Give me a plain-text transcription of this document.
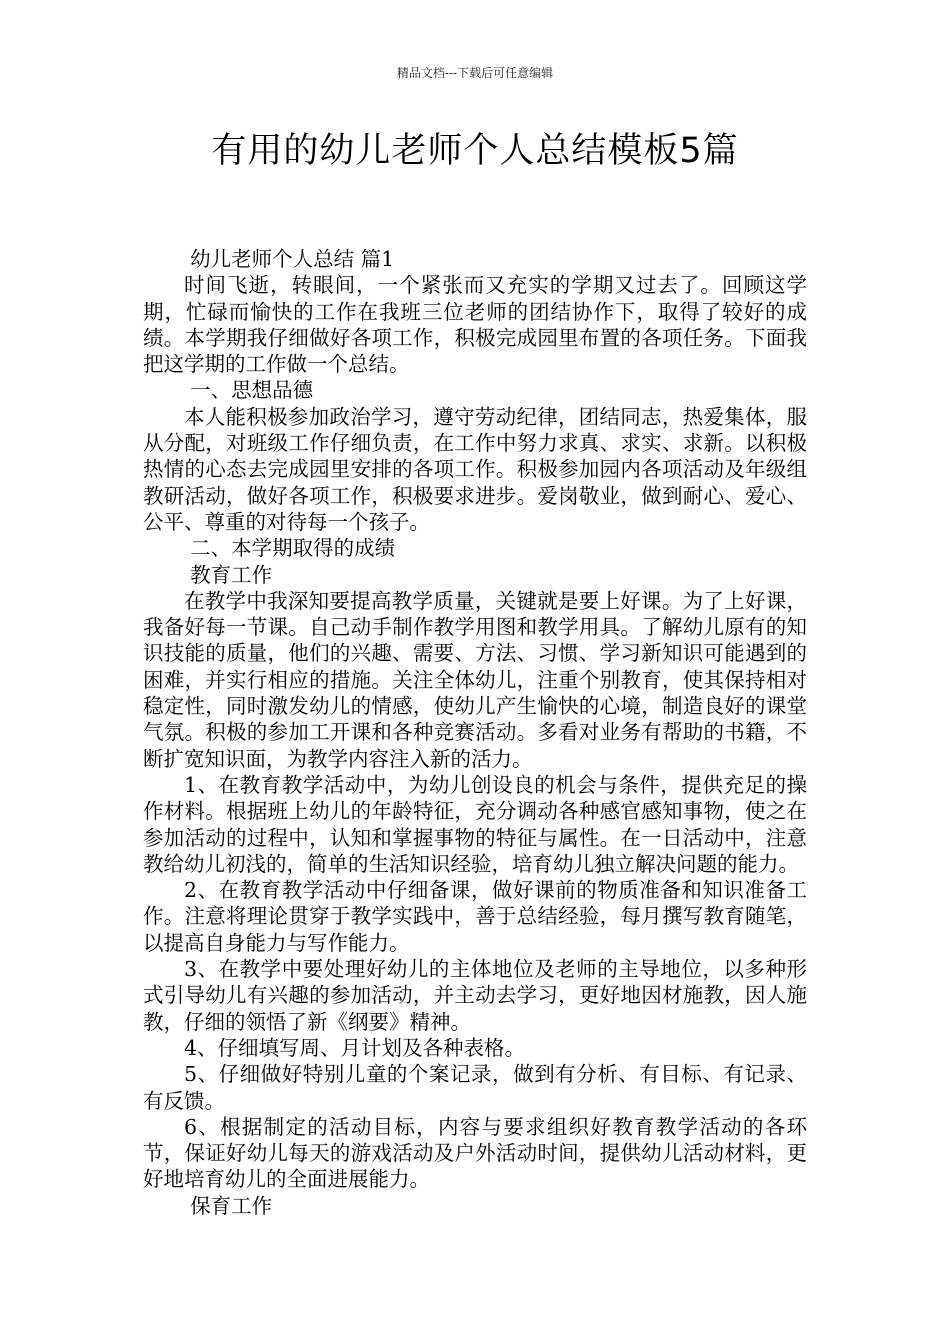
精品文档---下载后可任意编辑
有用的幼儿老师个人总结模板5篇

幼儿老师个人总结 篇1

时间飞逝，转眼间，一个紧张而又充实的学期又过去了。回顾这学期，忙碌而愉快的工作在我班三位老师的团结协作下，取得了较好的成绩。本学期我仔细做好各项工作，积极完成园里布置的各项任务。下面我把这学期的工作做一个总结。

一、思想品德

本人能积极参加政治学习，遵守劳动纪律，团结同志，热爱集体，服从分配，对班级工作仔细负责，在工作中努力求真、求实、求新。以积极热情的心态去完成园里安排的各项工作。积极参加园内各项活动及年级组教研活动，做好各项工作，积极要求进步。爱岗敬业，做到耐心、爱心、公平、尊重的对待每一个孩子。

二、本学期取得的成绩

教育工作

在教学中我深知要提高教学质量，关键就是要上好课。为了上好课，我备好每一节课。自己动手制作教学用图和教学用具。了解幼儿原有的知识技能的质量，他们的兴趣、需要、方法、习惯、学习新知识可能遇到的困难，并实行相应的措施。关注全体幼儿，注重个别教育，使其保持相对稳定性，同时激发幼儿的情感，使幼儿产生愉快的心境，制造良好的课堂气氛。积极的参加工开课和各种竞赛活动。多看对业务有帮助的书籍，不断扩宽知识面，为教学内容注入新的活力。

1、在教育教学活动中，为幼儿创设良的机会与条件，提供充足的操作材料。根据班上幼儿的年龄特征，充分调动各种感官感知事物，使之在参加活动的过程中，认知和掌握事物的特征与属性。在一日活动中，注意教给幼儿初浅的，简单的生活知识经验，培育幼儿独立解决问题的能力。

2、在教育教学活动中仔细备课，做好课前的物质准备和知识准备工作。注意将理论贯穿于教学实践中，善于总结经验，每月撰写教育随笔，以提高自身能力与写作能力。

3、在教学中要处理好幼儿的主体地位及老师的主导地位，以多种形式引导幼儿有兴趣的参加活动，并主动去学习，更好地因材施教，因人施教，仔细的领悟了新《纲要》精神。

4、仔细填写周、月计划及各种表格。

5、仔细做好特别儿童的个案记录，做到有分析、有目标、有记录、有反馈。

6、根据制定的活动目标，内容与要求组织好教育教学活动的各环节，保证好幼儿每天的游戏活动及户外活动时间，提供幼儿活动材料，更好地培育幼儿的全面进展能力。

保育工作
